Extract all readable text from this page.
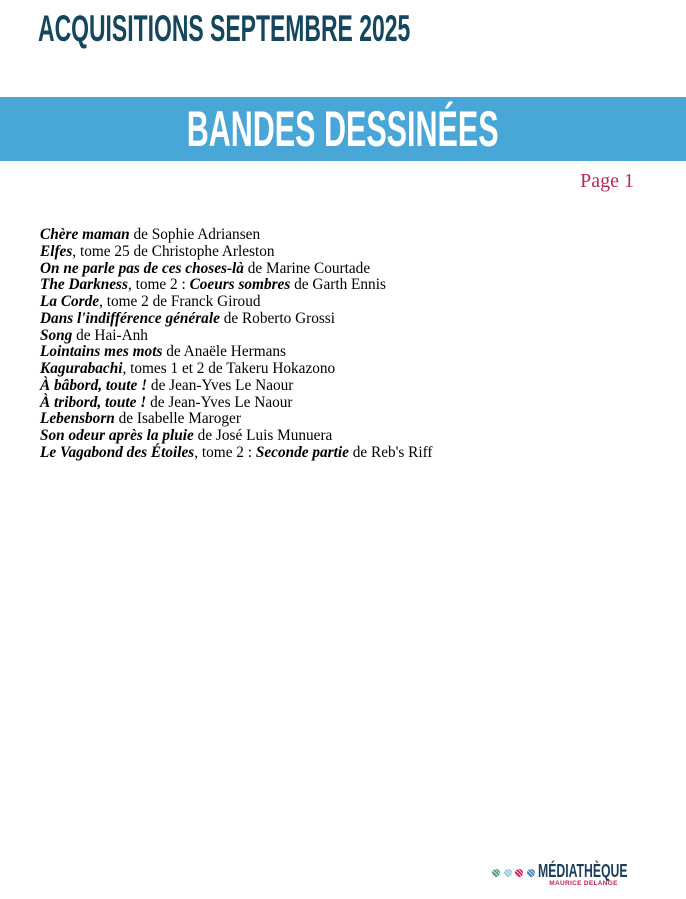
ACQUISITIONS SEPTEMBRE 2025
BANDES DESSINÉES
Page 1
Chère maman de Sophie Adriansen
Elfes, tome 25 de Christophe Arleston
On ne parle pas de ces choses-là de Marine Courtade
The Darkness, tome 2 : Coeurs sombres de Garth Ennis
La Corde, tome 2 de Franck Giroud
Dans l'indifférence générale de Roberto Grossi
Song de Hai-Anh
Lointains mes mots de Anaële Hermans
Kagurabachi, tomes 1 et 2 de Takeru Hokazono
À bâbord, toute ! de Jean-Yves Le Naour
À tribord, toute ! de Jean-Yves Le Naour
Lebensborn de Isabelle Maroger
Son odeur après la pluie de José Luis Munuera
Le Vagabond des Étoiles, tome 2 : Seconde partie de Reb's Riff
MÉDIATHÈQUE
MAURICE DELANGE
